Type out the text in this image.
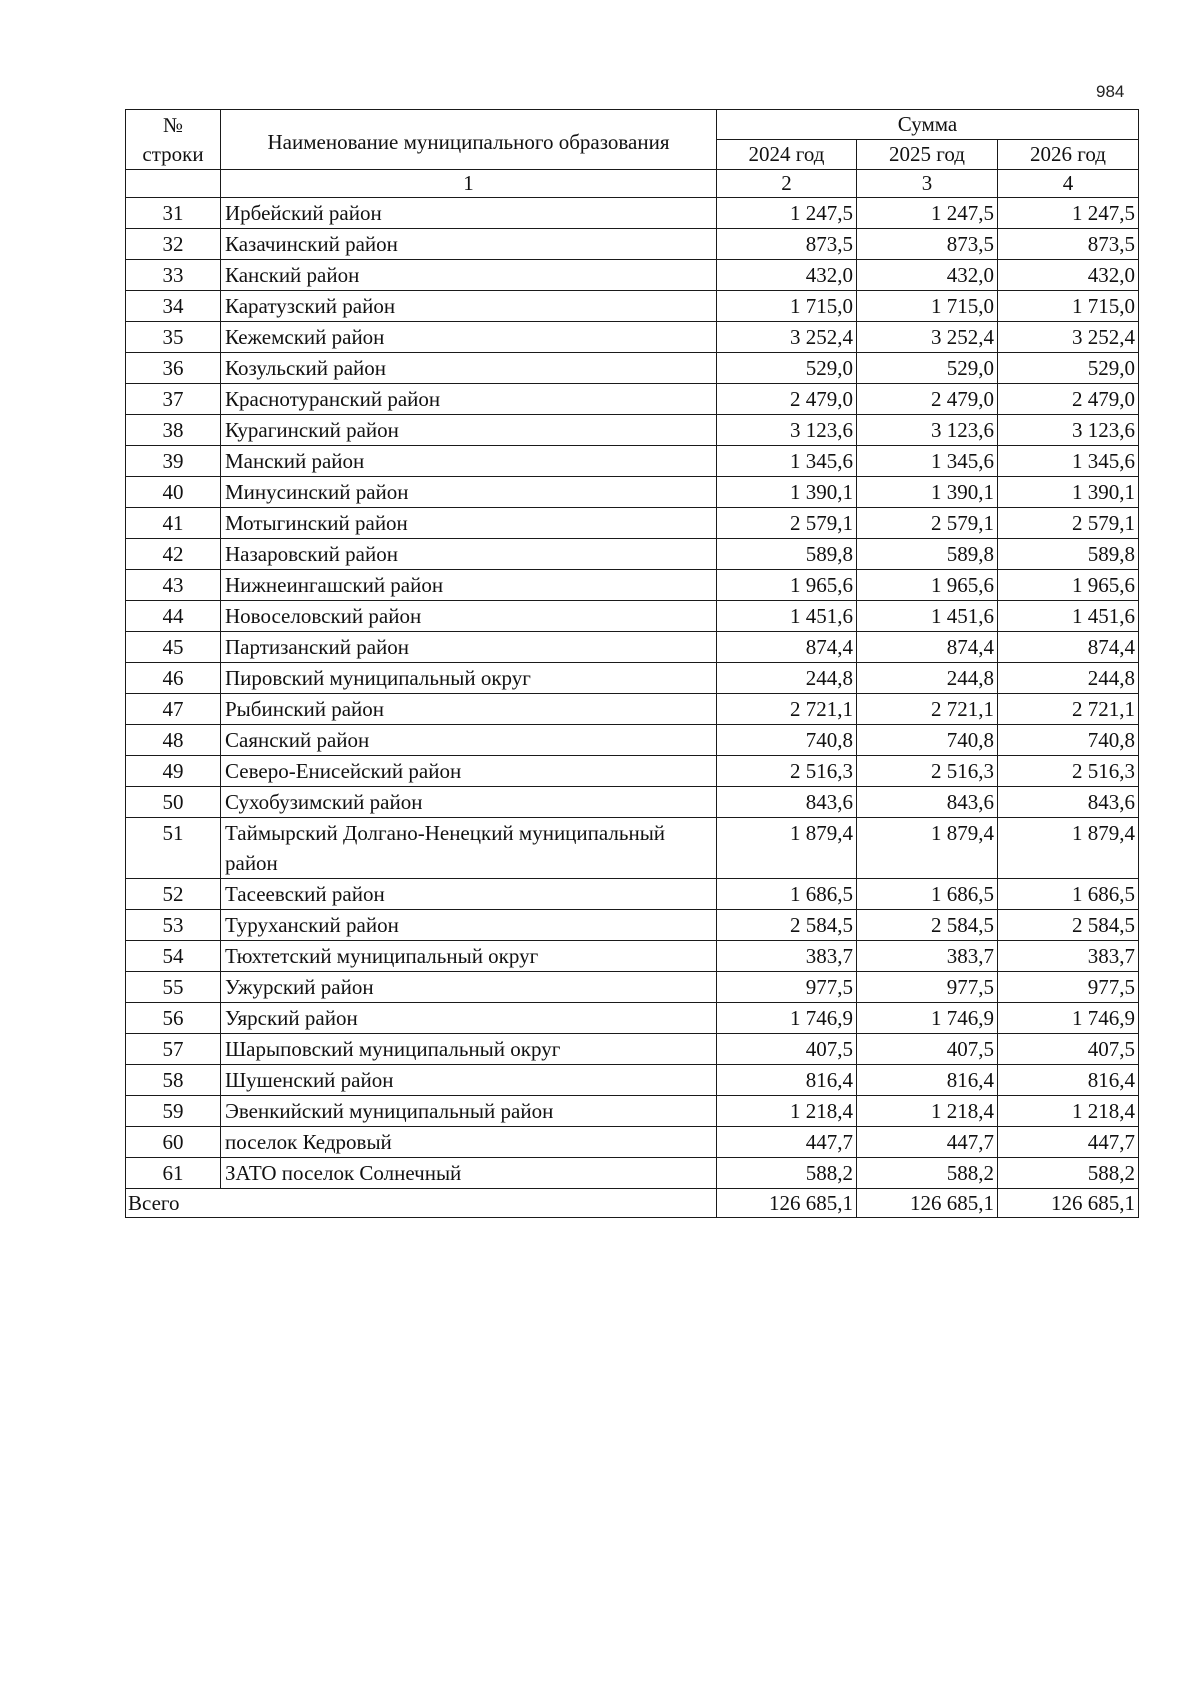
984
№
строки	Наименование муниципального образования	Сумма		
		2024 год	2025 год	2026 год
	1	2	3	4
31	Ирбейский район	1 247,5	1 247,5	1 247,5
32	Казачинский район	873,5	873,5	873,5
33	Канский район	432,0	432,0	432,0
34	Каратузский район	1 715,0	1 715,0	1 715,0
35	Кежемский район	3 252,4	3 252,4	3 252,4
36	Козульский район	529,0	529,0	529,0
37	Краснотуранский район	2 479,0	2 479,0	2 479,0
38	Курагинский район	3 123,6	3 123,6	3 123,6
39	Манский район	1 345,6	1 345,6	1 345,6
40	Минусинский район	1 390,1	1 390,1	1 390,1
41	Мотыгинский район	2 579,1	2 579,1	2 579,1
42	Назаровский район	589,8	589,8	589,8
43	Нижнеингашский район	1 965,6	1 965,6	1 965,6
44	Новоселовский район	1 451,6	1 451,6	1 451,6
45	Партизанский район	874,4	874,4	874,4
46	Пировский муниципальный округ	244,8	244,8	244,8
47	Рыбинский район	2 721,1	2 721,1	2 721,1
48	Саянский район	740,8	740,8	740,8
49	Северо-Енисейский район	2 516,3	2 516,3	2 516,3
50	Сухобузимский район	843,6	843,6	843,6
51	Таймырский Долгано-Ненецкий муниципальный район	1 879,4	1 879,4	1 879,4
52	Тасеевский район	1 686,5	1 686,5	1 686,5
53	Туруханский район	2 584,5	2 584,5	2 584,5
54	Тюхтетский муниципальный округ	383,7	383,7	383,7
55	Ужурский район	977,5	977,5	977,5
56	Уярский район	1 746,9	1 746,9	1 746,9
57	Шарыповский муниципальный округ	407,5	407,5	407,5
58	Шушенский район	816,4	816,4	816,4
59	Эвенкийский муниципальный район	1 218,4	1 218,4	1 218,4
60	поселок Кедровый	447,7	447,7	447,7
61	ЗАТО поселок Солнечный	588,2	588,2	588,2
Всего		126 685,1	126 685,1	126 685,1
